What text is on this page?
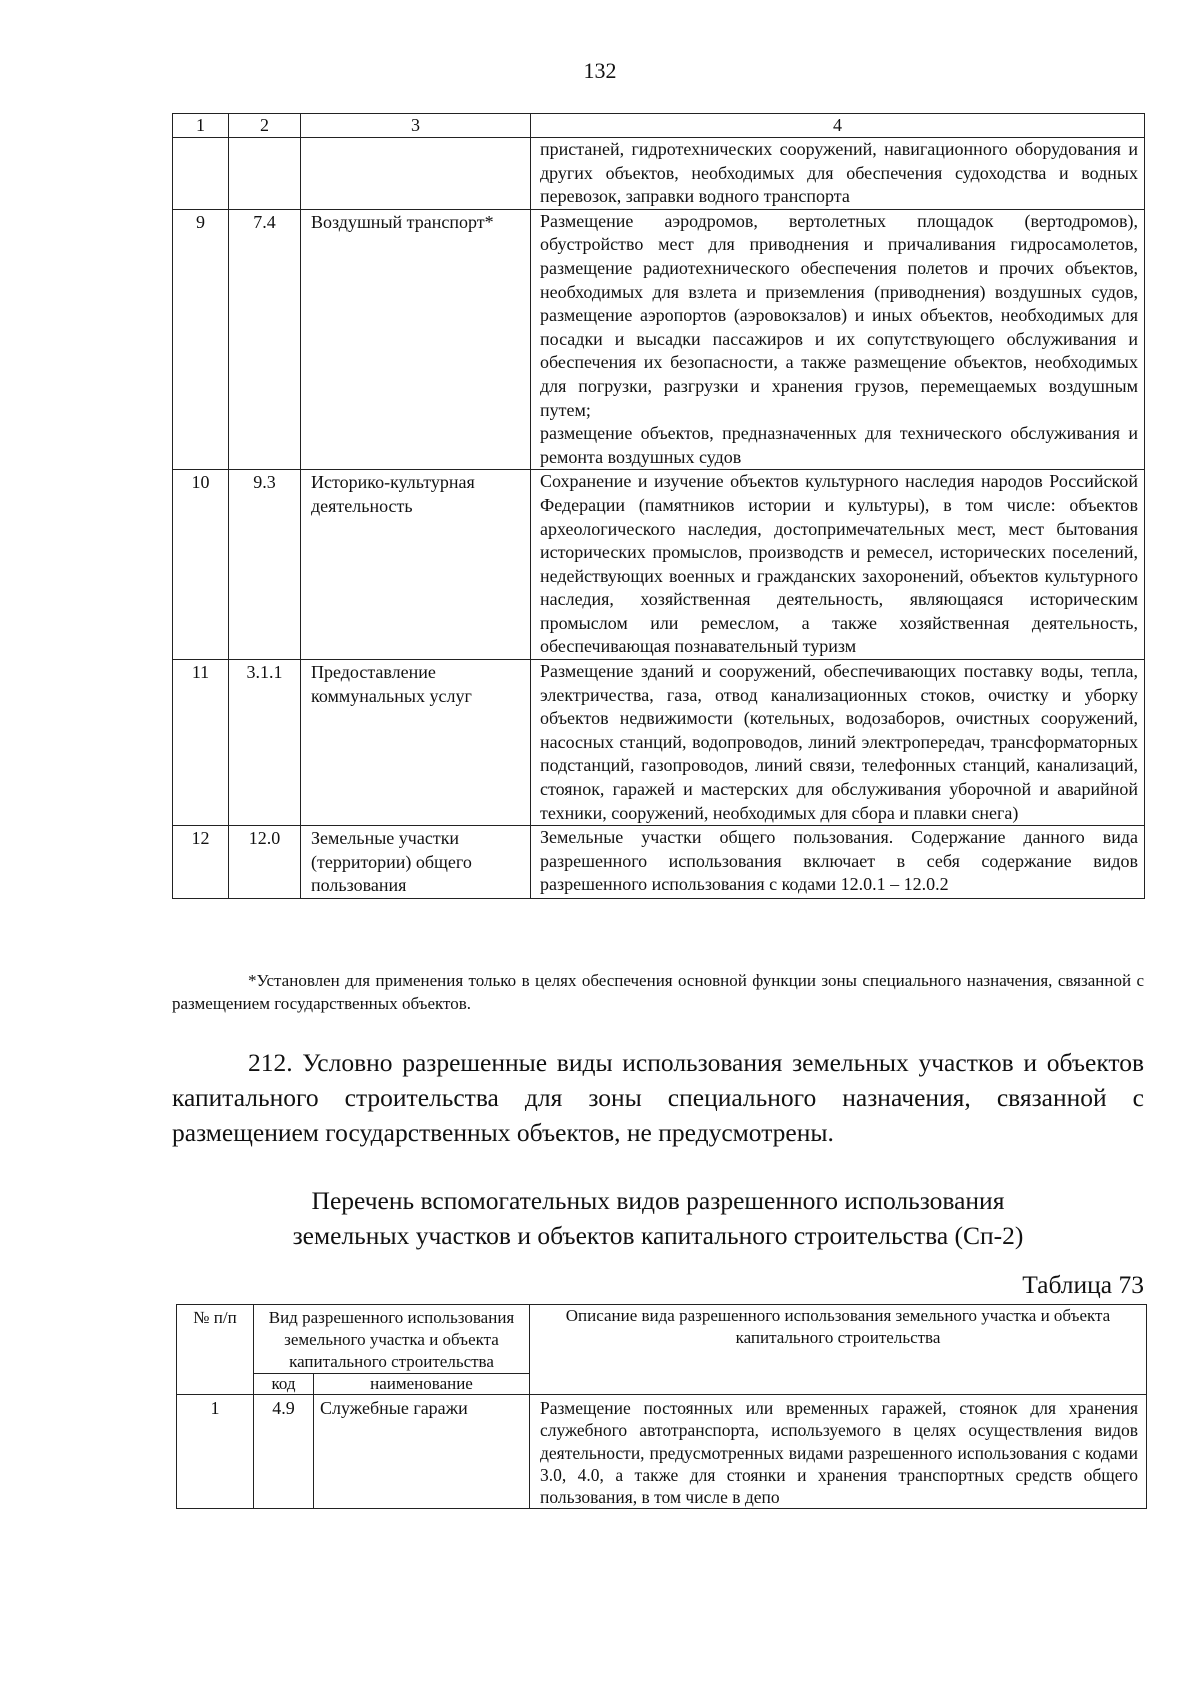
132
1	2	3	4
			пристаней, гидротехнических сооружений, навигационного оборудования и других объектов, необходимых для обеспечения судоходства и водных перевозок, заправки водного транспорта
9	7.4	Воздушный транспорт*	Размещение аэродромов, вертолетных площадок (вертодромов), обустройство мест для приводнения и причаливания гидросамолетов, размещение радиотехнического обеспечения полетов и прочих объектов, необходимых для взлета и приземления (приводнения) воздушных судов, размещение аэропортов (аэровокзалов) и иных объектов, необходимых для посадки и высадки пассажиров и их сопутствующего обслуживания и обеспечения их безопасности, а также размещение объектов, необходимых для погрузки, разгрузки и хранения грузов, перемещаемых воздушным путем;
размещение объектов, предназначенных для технического обслуживания и ремонта воздушных судов

10	9.3	Историко-культурная деятельность	Сохранение и изучение объектов культурного наследия народов Российской Федерации (памятников истории и культуры), в том числе: объектов археологического наследия, достопримечательных мест, мест бытования исторических промыслов, производств и ремесел, исторических поселений, недействующих военных и гражданских захоронений, объектов культурного наследия, хозяйственная деятельность, являющаяся историческим промыслом или ремеслом, а также хозяйственная деятельность, обеспечивающая познавательный туризм
11	3.1.1	Предоставление коммунальных услуг	Размещение зданий и сооружений, обеспечивающих поставку воды, тепла, электричества, газа, отвод канализационных стоков, очистку и уборку объектов недвижимости (котельных, водозаборов, очистных сооружений, насосных станций, водопроводов, линий электропередач, трансформаторных подстанций, газопроводов, линий связи, телефонных станций, канализаций, стоянок, гаражей и мастерских для обслуживания уборочной и аварийной техники, сооружений, необходимых для сбора и плавки снега)
12	12.0	Земельные участки (территории) общего пользования	Земельные участки общего пользования. Содержание данного вида разрешенного использования включает в себя содержание видов разрешенного использования с кодами 12.0.1 – 12.0.2
*Установлен для применения только в целях обеспечения основной функции зоны специального назначения, связанной с размещением государственных объектов.
212. Условно разрешенные виды использования земельных участков и объектов капитального строительства для зоны специального назначения, связанной с размещением государственных объектов, не предусмотрены.
Перечень вспомогательных видов разрешенного использования
земельных участков и объектов капитального строительства (Сп-2)
Таблица 73
№ п/п	Вид разрешенного использования земельного участка и объекта капитального строительства		Описание вида разрешенного использования земельного участка и объекта капитального строительства
	код	наименование	
1	4.9	Служебные гаражи	Размещение постоянных или временных гаражей, стоянок для хранения служебного автотранспорта, используемого в целях осуществления видов деятельности, предусмотренных видами разрешенного использования с кодами 3.0, 4.0, а также для стоянки и хранения транспортных средств общего пользования, в том числе в депо
